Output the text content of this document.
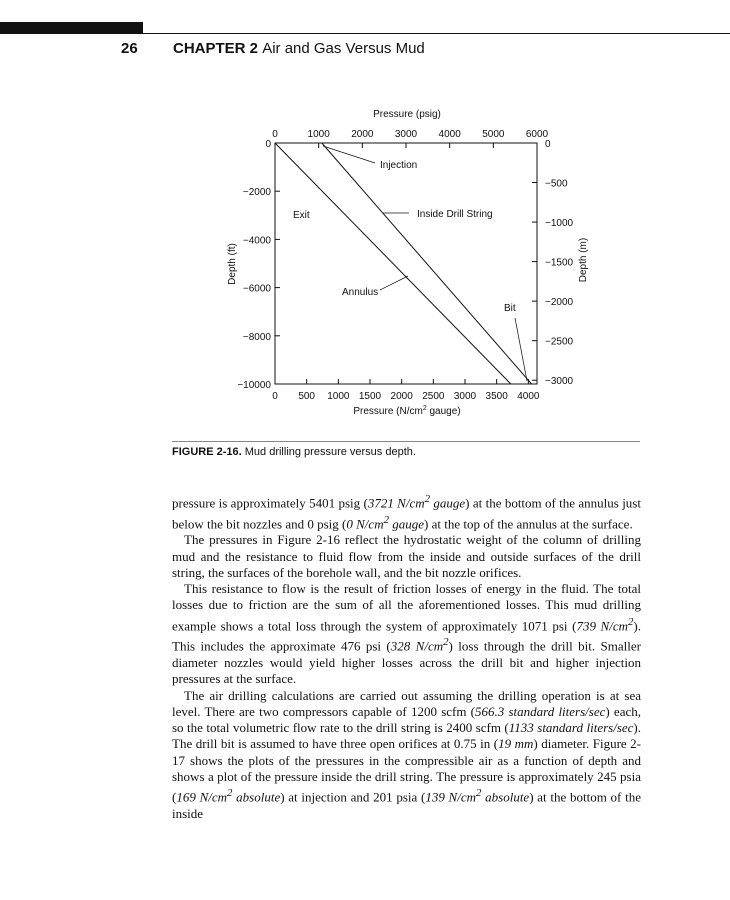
26 CHAPTER 2 Air and Gas Versus Mud
Pressure (psig)
0	1000 2000 3000 4000 5000 6000
0 500 1000 1500 2000 2500 3000 3500 4000
0
−2000
−4000
−6000
−8000
−10000
0
−500
−1000
−1500
−2000
−2500
−3000
Pressure ($N/cm^2$ gauge)
Depth (ft)	Depth (m)
Injection
Exit	Inside Drill String
Annulus
Bit
FIGURE 2-16. Mud drilling pressure versus depth.

pressure is approximately 5401 psig (3721 $N/cm^2$ gauge) at the bottom of the annulus just below the bit nozzles and 0 psig (0 $N/cm^2$ gauge) at the top of the annulus at the surface.

The pressures in Figure 2-16 reflect the hydrostatic weight of the column of drilling mud and the resistance to fluid flow from the inside and outside surfaces of the drill string, the surfaces of the borehole wall, and the bit nozzle orifices.

This resistance to flow is the result of friction losses of energy in the fluid. The total losses due to friction are the sum of all the aforementioned losses. This mud drilling example shows a total loss through the system of approximately 1071 psi (739 $N/cm^2$). This includes the approximate 476 psi (328 $N/cm^2$) loss through the drill bit. Smaller diameter nozzles would yield higher losses across the drill bit and higher injection pressures at the surface.

The air drilling calculations are carried out assuming the drilling operation is at sea level. There are two compressors capable of 1200 scfm (566.3 standard liters/sec) each, so the total volumetric flow rate to the drill string is 2400 scfm (1133 standard liters/sec). The drill bit is assumed to have three open orifices at 0.75 in (19 mm) diameter. Figure 2-17 shows the plots of the pressures in the compressible air as a function of depth and shows a plot of the pressure inside the drill string. The pressure is approximately 245 psia (169 $N/cm^2$ absolute) at injection and 201 psia (139 $N/cm^2$ absolute) at the bottom of the inside
